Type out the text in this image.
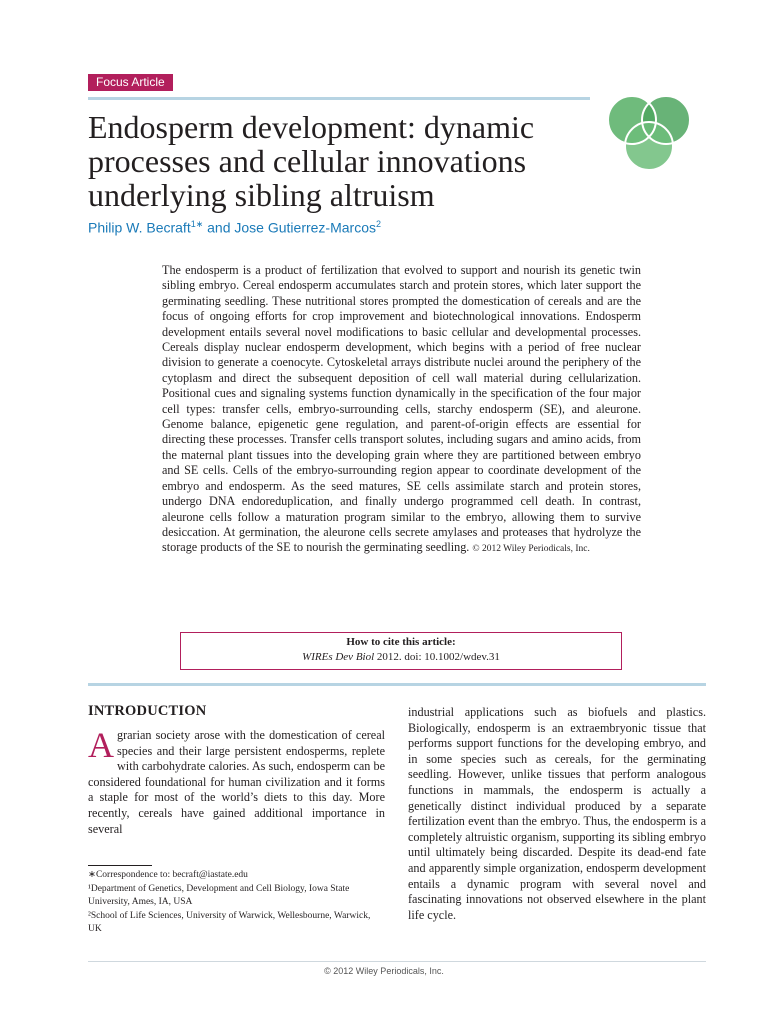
Focus Article
Endosperm development: dynamic processes and cellular innovations underlying sibling altruism
Philip W. Becraft$^{1∗}$ and Jose Gutierrez-Marcos$^2$

The endosperm is a product of fertilization that evolved to support and nourish its genetic twin sibling embryo. Cereal endosperm accumulates starch and protein stores, which later support the germinating seedling. These nutritional stores prompted the domestication of cereals and are the focus of ongoing efforts for crop improvement and biotechnological innovations. Endosperm development entails several novel modifications to basic cellular and developmental processes. Cereals display nuclear endosperm development, which begins with a period of free nuclear division to generate a coenocyte. Cytoskeletal arrays distribute nuclei around the periphery of the cytoplasm and direct the subsequent deposition of cell wall material during cellularization. Positional cues and signaling systems function dynamically in the specification of the four major cell types: transfer cells, embryo-surrounding cells, starchy endosperm (SE), and aleurone. Genome balance, epigenetic gene regulation, and parent-of-origin effects are essential for directing these processes. Transfer cells transport solutes, including sugars and amino acids, from the maternal plant tissues into the developing grain where they are partitioned between embryo and SE cells. Cells of the embryo-surrounding region appear to coordinate development of the embryo and endosperm. As the seed matures, SE cells assimilate starch and protein stores, undergo DNA endoreduplication, and finally undergo programmed cell death. In contrast, aleurone cells follow a maturation program similar to the embryo, allowing them to survive desiccation. At germination, the aleurone cells secrete amylases and proteases that hydrolyze the storage products of the SE to nourish the germinating seedling. © 2012 Wiley Periodicals, Inc.

How to cite this article:
WIREs Dev Biol 2012. doi: 10.1002/wdev.31
INTRODUCTION

Agrarian society arose with the domestication of cereal species and their large persistent endosperms, replete with carbohydrate calories. As such, endosperm can be considered foundational for human civilization and it forms a staple for most of the world’s diets to this day. More recently, cereals have gained additional importance in several

industrial applications such as biofuels and plastics. Biologically, endosperm is an extraembryonic tissue that performs support functions for the developing embryo, and in some species such as cereals, for the germinating seedling. However, unlike tissues that perform analogous functions in mammals, the endosperm is actually a genetically distinct individual produced by a separate fertilization event than the embryo. Thus, the endosperm is a completely altruistic organism, supporting its sibling embryo until ultimately being discarded. Despite its dead-end fate and apparently simple organization, endosperm development entails a dynamic program with several novel and fascinating innovations not observed elsewhere in the plant life cycle.

∗Correspondence to: becraft@iastate.edu

¹Department of Genetics, Development and Cell Biology, Iowa State University, Ames, IA, USA

²School of Life Sciences, University of Warwick, Wellesbourne, Warwick, UK

© 2012 Wiley Periodicals, Inc.
